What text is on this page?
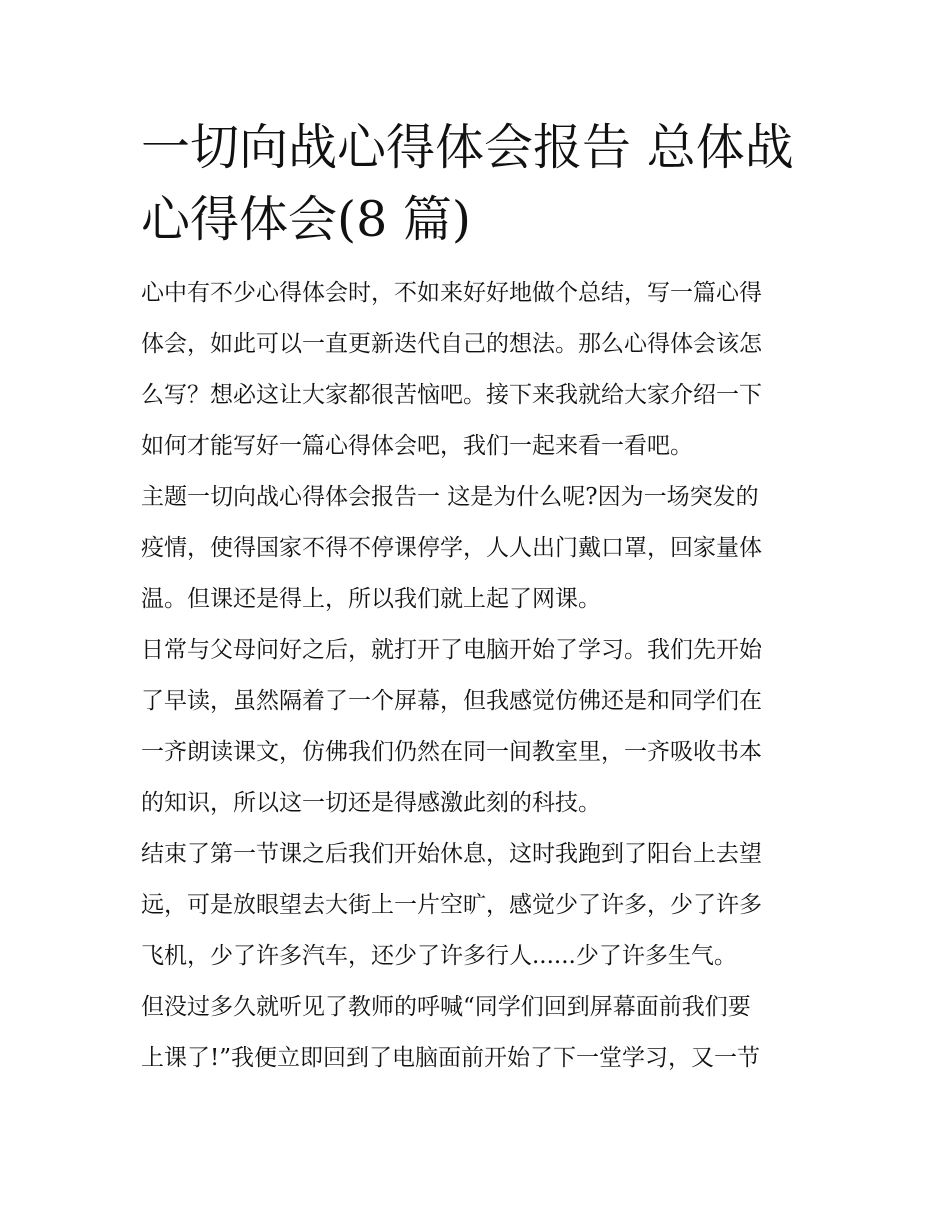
一切向战心得体会报告 总体战
心得体会(8 篇)

心中有不少心得体会时，不如来好好地做个总结，写一篇心得
体会，如此可以一直更新迭代自己的想法。那么心得体会该怎
么写？想必这让大家都很苦恼吧。接下来我就给大家介绍一下
如何才能写好一篇心得体会吧，我们一起来看一看吧。

主题一切向战心得体会报告一 这是为什么呢?因为一场突发的
疫情，使得国家不得不停课停学，人人出门戴口罩，回家量体
温。但课还是得上，所以我们就上起了网课。

日常与父母问好之后，就打开了电脑开始了学习。我们先开始
了早读，虽然隔着了一个屏幕，但我感觉仿佛还是和同学们在
一齐朗读课文，仿佛我们仍然在同一间教室里，一齐吸收书本
的知识，所以这一切还是得感激此刻的科技。

结束了第一节课之后我们开始休息，这时我跑到了阳台上去望
远，可是放眼望去大街上一片空旷，感觉少了许多，少了许多
飞机，少了许多汽车，还少了许多行人......少了许多生气。

但没过多久就听见了教师的呼喊“同学们回到屏幕面前我们要
上课了!”我便立即回到了电脑面前开始了下一堂学习，又一节
